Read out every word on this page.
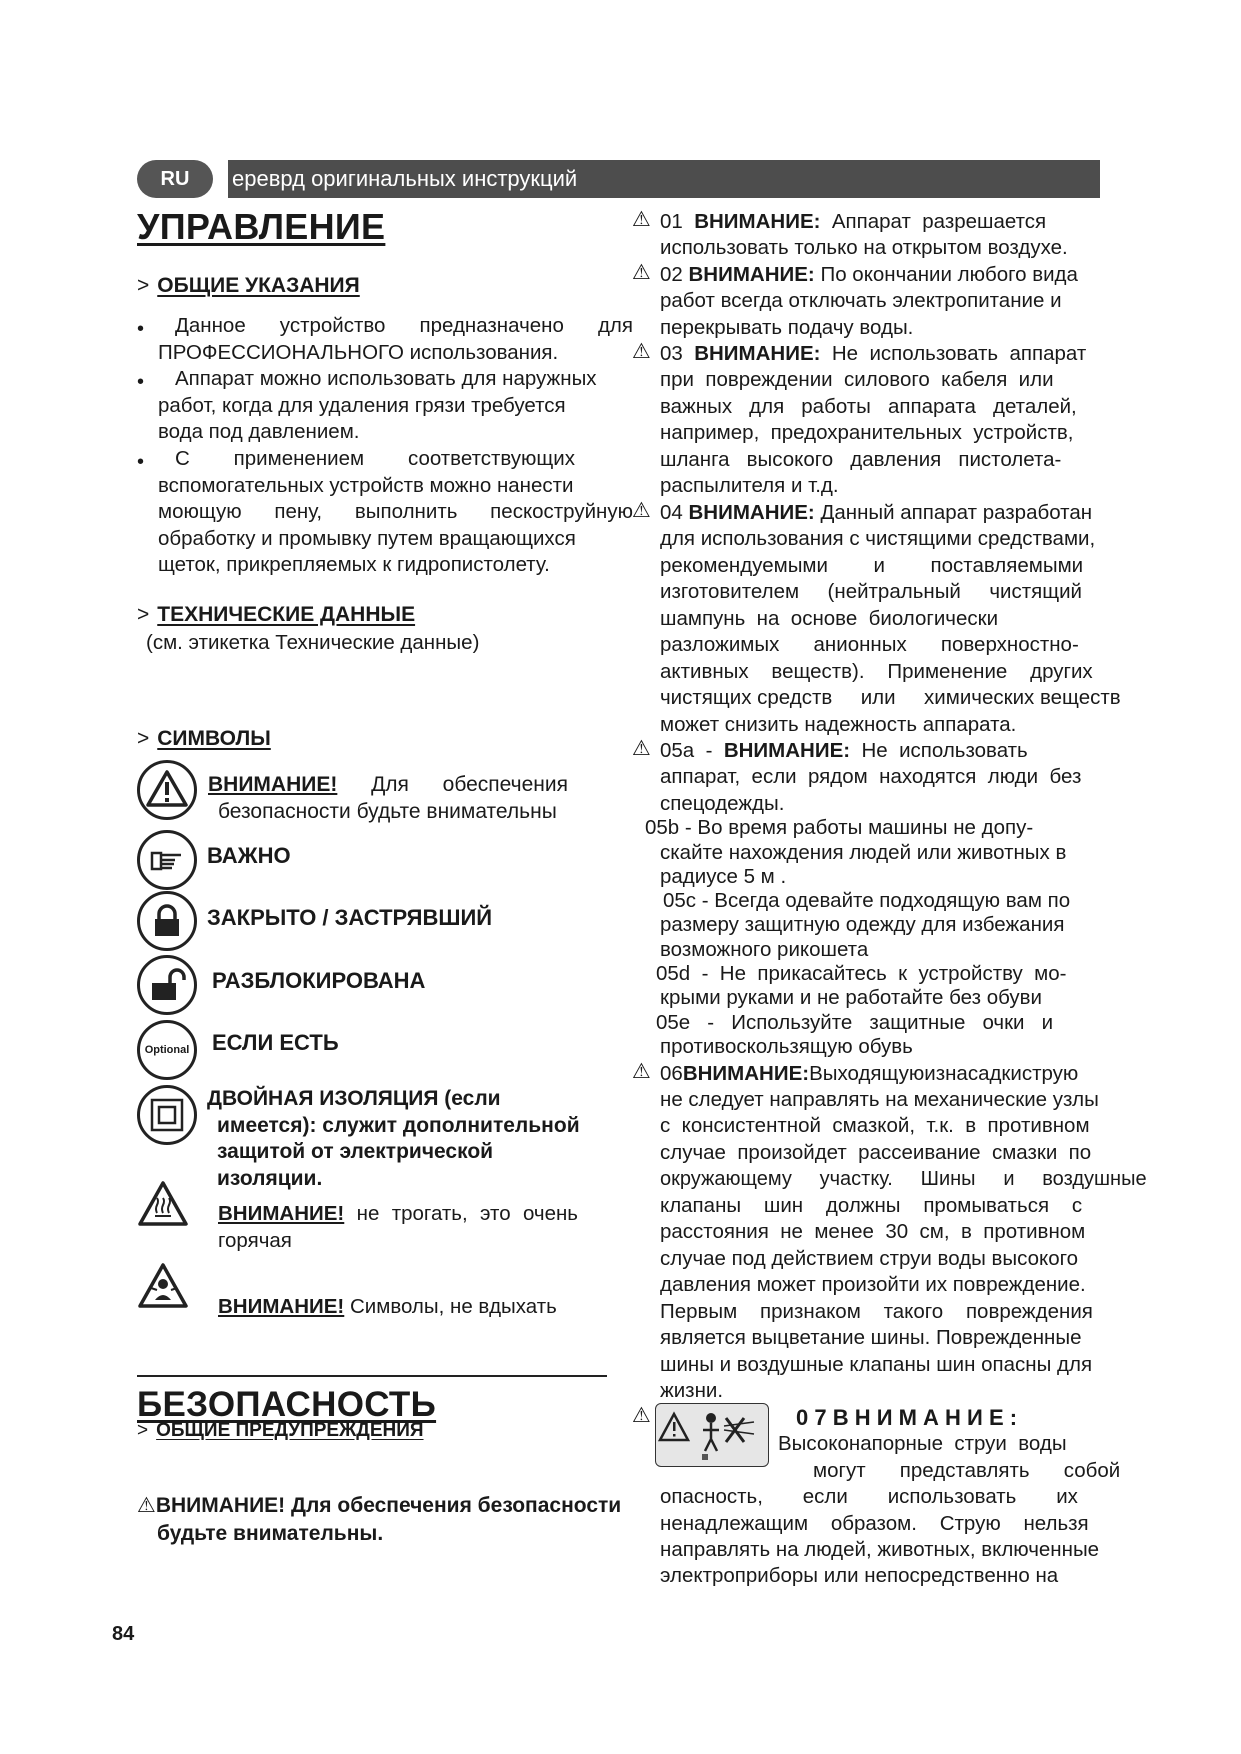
RU	ереврд оригинальных инструкций
УПРАВЛЕНИЕ
> ОБЩИЕ УКАЗАНИЯ
•	Данное устройство предназначено для
ПРОФЕССИОНАЛЬНОГО использования.
•	Аппарат можно использовать для наружных
работ, когда для удаления грязи требуется
вода под давлением.
•	С применением соответствующих
вспомогательных устройств можно нанести
моющую пену, выполнить пескоструйную
обработку и промывку путем вращающихся
щеток, прикрепляемых к гидропистолету.
> ТЕХНИЧЕСКИЕ ДАННЫЕ
(см. этикетка Технические данные)
> СИМВОЛЫ
ВНИМАНИЕ! Для обеспечения
безопасности будьте внимательны
ВАЖНО
ЗАКРЫТО / ЗАСТРЯВШИЙ
РАЗБЛОКИРОВАНА
Optional ЕСЛИ ЕСТЬ
ДВОЙНАЯ ИЗОЛЯЦИЯ (если
имеется): служит дополнительной
защитой от электрической
изоляции.
ВНИМАНИЕ! не трогать, это очень
горячая
ВНИМАНИЕ! Символы, не вдыхать
БЕЗОПАСНОСТЬ
> ОБЩИЕ ПРЕДУПРЕЖДЕНИЯ
⚠ВНИМАНИЕ! Для обеспечения безопасности
будьте внимательны.
01  ВНИМАНИЕ:  Аппарат  разрешается
⚠
использовать только на открытом воздухе.
02 ВНИМАНИЕ: По окончании любого вида
⚠
работ всегда отключать электропитание и
перекрывать подачу воды.
03  ВНИМАНИЕ:  Не  использовать  аппарат
⚠
при  повреждении  силового  кабеля  или
важных   для   работы   аппарата   деталей,
например,  предохранительных  устройств,
шланга   высокого   давления   пистолета-
распылителя и т.д.
04 ВНИМАНИЕ: Данный аппарат разработан
⚠
для использования с чистящими средствами,
рекомендуемыми        и        поставляемыми
изготовителем     (нейтральный     чистящий
шампунь  на  основе  биологически
разложимых      анионных      поверхностно-
активных    веществ).    Применение    других
чистящих средств     или     химических веществ
может снизить надежность аппарата.
05a  -  ВНИМАНИЕ:  Не  использовать
⚠
аппарат,  если  рядом  находятся  люди  без
спецодежды.
05b - Во время работы машины не допу-
скайте нахождения людей или животных в
радиусе 5 м .
05c - Всегда одевайте подходящую вам по
размеру защитную одежду для избежания
возможного рикошета
05d  -  Не  прикасайтесь  к  устройству  мо-
крыми руками и не работайте без обуви
05e   -   Используйте   защитные   очки   и
противоскользящую обувь
06ВНИМАНИЕ:Выходящуюизнасадкиструю
⚠
не следует направлять на механические узлы
с  консистентной  смазкой,  т.к.  в  противном
случае  произойдет  рассеивание  смазки  по
окружающему     участку.     Шины     и     воздушные
клапаны    шин    должны    промываться    с
расстояния  не  менее  30  см,  в  противном
случае под действием струи воды высокого
давления может произойти их повреждение.
Первым    признаком    такого    повреждения
является выцветание шины. Поврежденные
шины и воздушные клапаны шин опасны для
жизни.
0 7 В Н И М А Н И Е :
⚠
Высоконапорные  струи  воды
могут      представлять      собой
опасность,       если       использовать       их
ненадлежащим    образом.    Струю    нельзя
направлять на людей, животных, включенные
электроприборы или непосредственно на
84
